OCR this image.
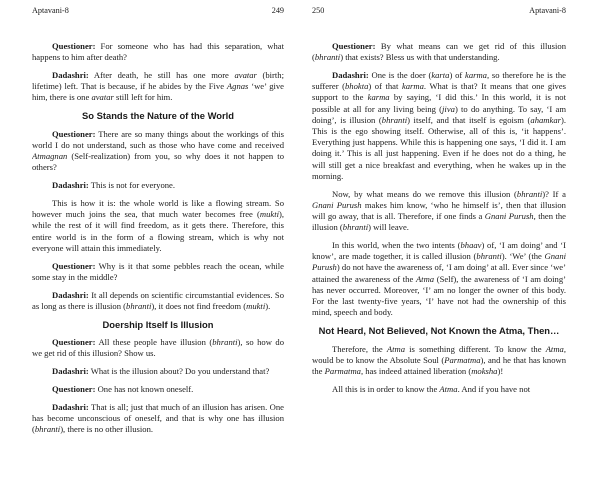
Aptavani-8	249

Questioner: For someone who has had this separation, what happens to him after death?

Dadashri: After death, he still has one more avatar (birth; lifetime) left. That is because, if he abides by the Five Agnas ‘we’ give him, there is one avatar still left for him.

So Stands the Nature of the World

Questioner: There are so many things about the workings of this world I do not understand, such as those who have come and received Atmagnan (Self-realization) from you, so why does it not happen to others?

Dadashri: This is not for everyone.

This is how it is: the whole world is like a flowing stream. So however much joins the sea, that much water becomes free (mukti), while the rest of it will find freedom, as it gets there. Therefore, this entire world is in the form of a flowing stream, which is why not everyone will attain this immediately.

Questioner: Why is it that some pebbles reach the ocean, while some stay in the middle?

Dadashri: It all depends on scientific circumstantial evidences. So as long as there is illusion (bhranti), it does not find freedom (mukti).

Doership Itself Is Illusion

Questioner: All these people have illusion (bhranti), so how do we get rid of this illusion? Show us.

Dadashri: What is the illusion about? Do you understand that?

Questioner: One has not known oneself.

Dadashri: That is all; just that much of an illusion has arisen. One has become unconscious of oneself, and that is why one has illusion (bhranti), there is no other illusion.

250	Aptavani-8

Questioner: By what means can we get rid of this illusion (bhranti) that exists? Bless us with that understanding.

Dadashri: One is the doer (karta) of karma, so therefore he is the sufferer (bhokta) of that karma. What is that? It means that one gives support to the karma by saying, ‘I did this.’ In this world, it is not possible at all for any living being (jiva) to do anything. To say, ‘I am doing’, is illusion (bhranti) itself, and that itself is egoism (ahamkar). This is the ego showing itself. Otherwise, all of this is, ‘it happens’. Everything just happens. While this is happening one says, ‘I did it. I am doing it.’ This is all just happening. Even if he does not do a thing, he will still get a nice breakfast and everything, when he wakes up in the morning.

Now, by what means do we remove this illusion (bhranti)? If a Gnani Purush makes him know, ‘who he himself is’, then that illusion will go away, that is all. Therefore, if one finds a Gnani Purush, then the illusion (bhranti) will leave.

In this world, when the two intents (bhaav) of, ‘I am doing’ and ‘I know’, are made together, it is called illusion (bhranti). ‘We’ (the Gnani Purush) do not have the awareness of, ‘I am doing’ at all. Ever since ‘we’ attained the awareness of the Atma (Self), the awareness of ‘I am doing’ has never occurred. Moreover, ‘I’ am no longer the owner of this body. For the last twenty-five years, ‘I’ have not had the ownership of this mind, speech and body.

Not Heard, Not Believed, Not Known the Atma, Then…

Therefore, the Atma is something different. To know the Atma, would be to know the Absolute Soul (Parmatma), and he that has known the Parmatma, has indeed attained liberation (moksha)!

All this is in order to know the Atma. And if you have not
